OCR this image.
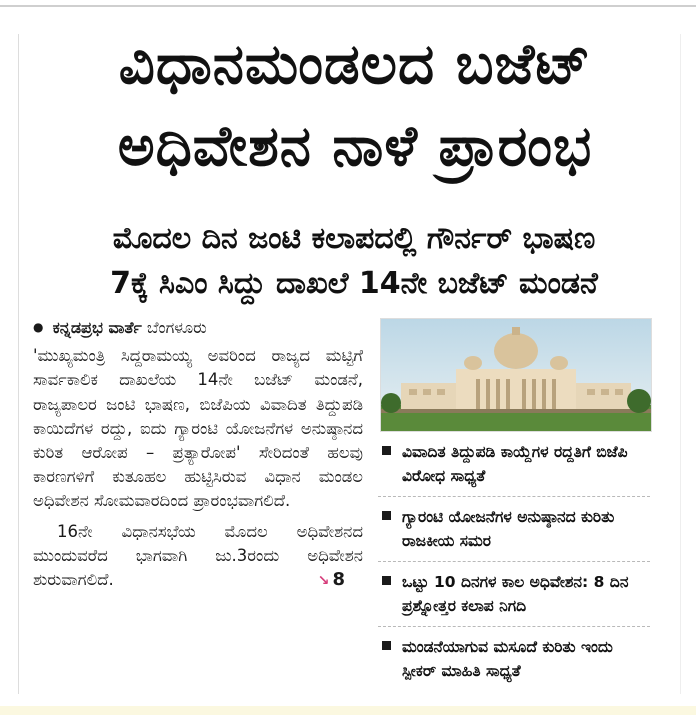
ವಿಧಾನಮಂಡಲದ ಬಜೆಟ್
ಅಧಿವೇಶನ ನಾಳೆ ಪ್ರಾರಂಭ
ಮೊದಲ ದಿನ ಜಂಟಿ ಕಲಾಪದಲ್ಲಿ ಗೌರ್ನರ್ ಭಾಷಣ
7ಕ್ಕೆ ಸಿಎಂ ಸಿದ್ದು ದಾಖಲೆ 14ನೇ ಬಜೆಟ್ ಮಂಡನೆ
● ಕನ್ನಡಪ್ರಭ ವಾರ್ತೆ ಬೆಂಗಳೂರು

'ಮುಖ್ಯಮಂತ್ರಿ ಸಿದ್ದರಾಮಯ್ಯ ಅವರಿಂದ ರಾಜ್ಯದ ಮಟ್ಟಿಗೆ ಸಾರ್ವಕಾಲಿಕ ದಾಖಲೆಯ 14ನೇ ಬಜೆಟ್ ಮಂಡನೆ, ರಾಜ್ಯಪಾಲರ ಜಂಟಿ ಭಾಷಣ, ಬಿಜೆಪಿಯ ವಿವಾದಿತ ತಿದ್ದುಪಡಿ ಕಾಯಿದೆಗಳ ರದ್ದು, ಐದು ಗ್ಯಾರಂಟಿ ಯೋಜನೆಗಳ ಅನುಷ್ಠಾನದ ಕುರಿತ ಆರೋಪ – ಪ್ರತ್ಯಾರೋಪ' ಸೇರಿದಂತೆ ಹಲವು ಕಾರಣಗಳಿಗೆ ಕುತೂಹಲ ಹುಟ್ಟಿಸಿರುವ ವಿಧಾನ ಮಂಡಲ ಅಧಿವೇಶನ ಸೋಮವಾರದಿಂದ ಪ್ರಾರಂಭವಾಗಲಿದೆ.

16ನೇ ವಿಧಾನಸಭೆಯ ಮೊದಲ ಅಧಿವೇಶನದ ಮುಂದುವರೆದ ಭಾಗವಾಗಿ ಜು.3ರಂದು ಅಧಿವೇಶನ ಶುರುವಾಗಲಿದೆ.	↘ 8

ವಿವಾದಿತ ತಿದ್ದುಪಡಿ ಕಾಯ್ದೆಗಳ ರದ್ದತಿಗೆ ಬಿಜೆಪಿ ವಿರೋಧ ಸಾಧ್ಯತೆ
ಗ್ಯಾರಂಟಿ ಯೋಜನೆಗಳ ಅನುಷ್ಠಾನದ ಕುರಿತು ರಾಜಕೀಯ ಸಮರ
ಒಟ್ಟು 10 ದಿನಗಳ ಕಾಲ ಅಧಿವೇಶನ: 8 ದಿನ ಪ್ರಶ್ನೋತ್ತರ ಕಲಾಪ ನಿಗದಿ
ಮಂಡನೆಯಾಗುವ ಮಸೂದೆ ಕುರಿತು ಇಂದು ಸ್ಪೀಕರ್ ಮಾಹಿತಿ ಸಾಧ್ಯತೆ
